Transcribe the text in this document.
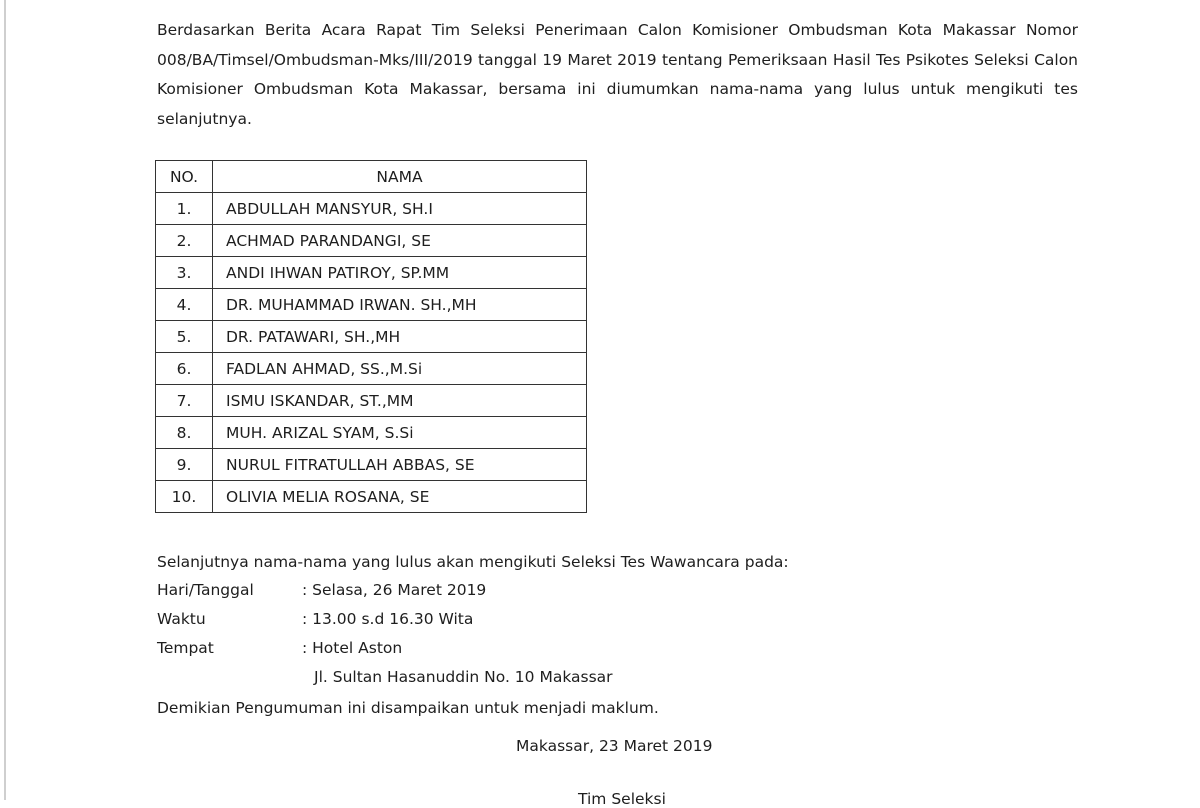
Berdasarkan Berita Acara Rapat Tim Seleksi Penerimaan Calon Komisioner Ombudsman Kota Makassar Nomor 008/BA/Timsel/Ombudsman-Mks/III/2019 tanggal 19 Maret 2019 tentang Pemeriksaan Hasil Tes Psikotes Seleksi Calon Komisioner Ombudsman Kota Makassar, bersama ini diumumkan nama-nama yang lulus untuk mengikuti tes selanjutnya.
NO.	NAMA
1.	ABDULLAH MANSYUR, SH.I
2.	ACHMAD PARANDANGI, SE
3.	ANDI IHWAN PATIROY, SP.MM
4.	DR. MUHAMMAD IRWAN. SH.,MH
5.	DR. PATAWARI, SH.,MH
6.	FADLAN AHMAD, SS.,M.Si
7.	ISMU ISKANDAR, ST.,MM
8.	MUH. ARIZAL SYAM, S.Si
9.	NURUL FITRATULLAH ABBAS, SE
10.	OLIVIA MELIA ROSANA, SE
Selanjutnya nama-nama yang lulus akan mengikuti Seleksi Tes Wawancara pada:
Hari/Tanggal	: Selasa, 26 Maret 2019
Waktu	: 13.00 s.d 16.30 Wita
Tempat	: Hotel Aston
Jl. Sultan Hasanuddin No. 10 Makassar
Demikian Pengumuman ini disampaikan untuk menjadi maklum.
Makassar, 23 Maret 2019
Tim Seleksi
